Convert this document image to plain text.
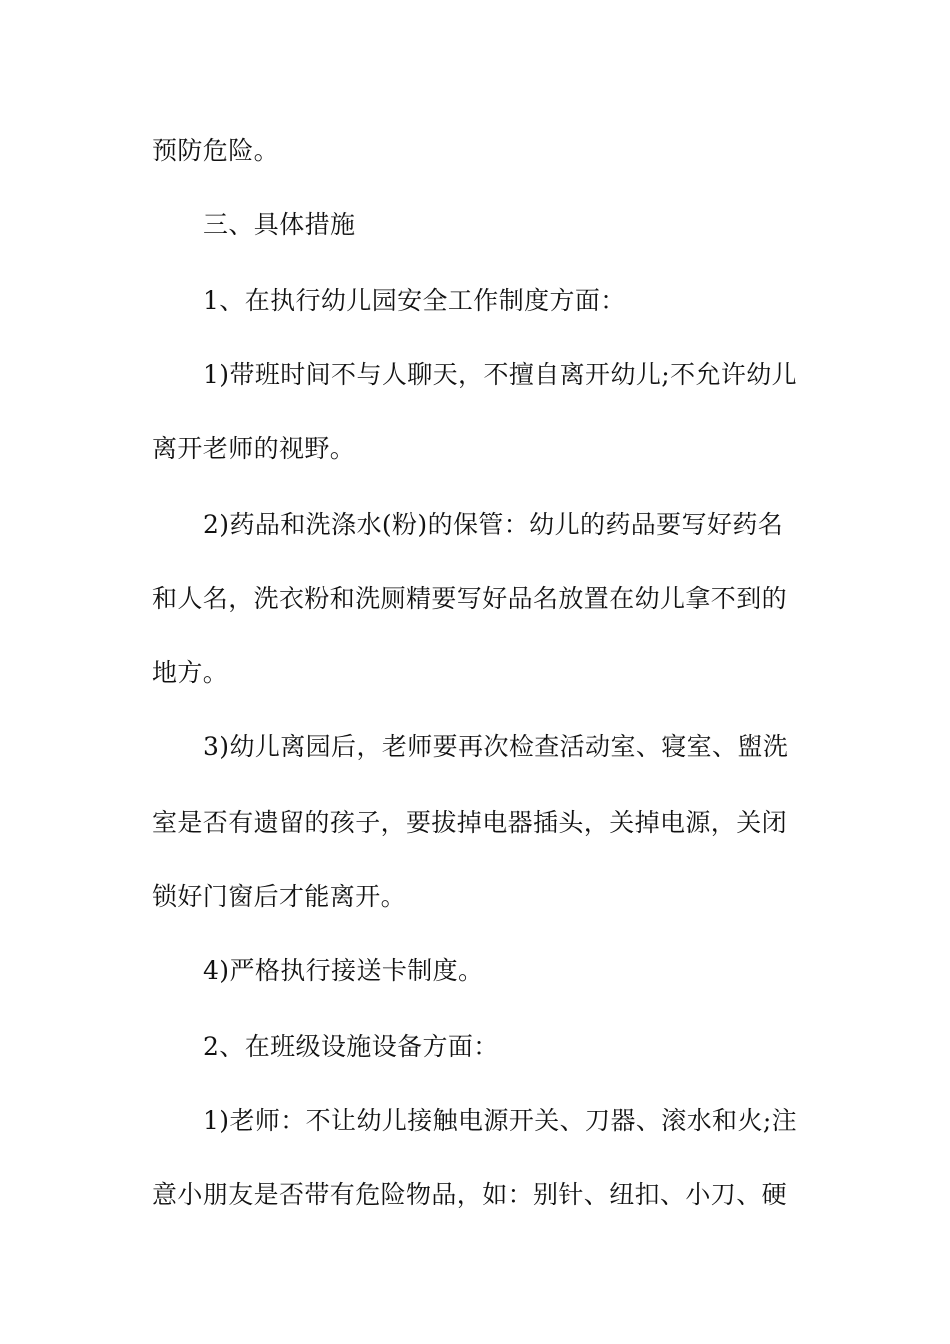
预防危险。
三、具体措施
1、在执行幼儿园安全工作制度方面：
1)带班时间不与人聊天，不擅自离开幼儿;不允许幼儿
离开老师的视野。
2)药品和洗涤水(粉)的保管：幼儿的药品要写好药名
和人名，洗衣粉和洗厕精要写好品名放置在幼儿拿不到的
地方。
3)幼儿离园后，老师要再次检查活动室、寝室、盥洗
室是否有遗留的孩子，要拔掉电器插头，关掉电源，关闭
锁好门窗后才能离开。
4)严格执行接送卡制度。
2、在班级设施设备方面：
1)老师：不让幼儿接触电源开关、刀器、滚水和火;注
意小朋友是否带有危险物品，如：别针、纽扣、小刀、硬
